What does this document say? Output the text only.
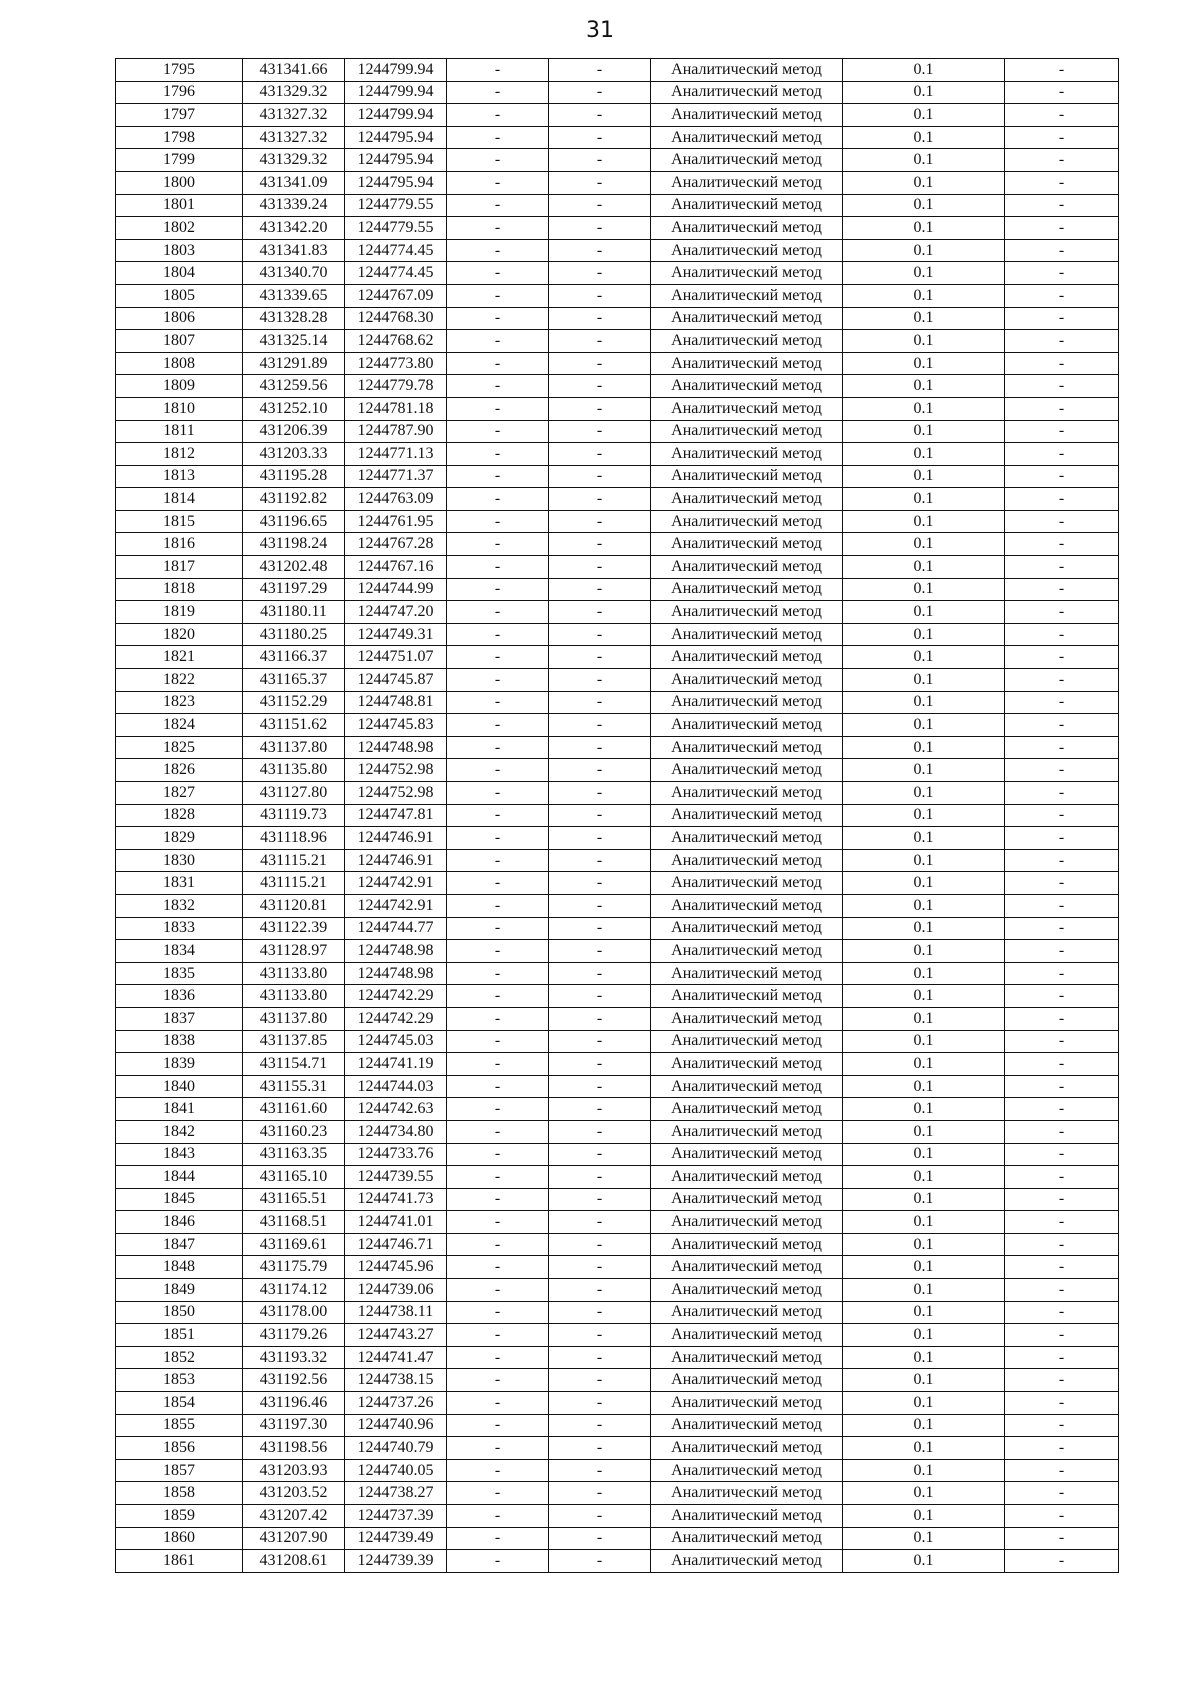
31
1795	431341.66	1244799.94	-	-	Аналитический метод	0.1	-
1796	431329.32	1244799.94	-	-	Аналитический метод	0.1	-
1797	431327.32	1244799.94	-	-	Аналитический метод	0.1	-
1798	431327.32	1244795.94	-	-	Аналитический метод	0.1	-
1799	431329.32	1244795.94	-	-	Аналитический метод	0.1	-
1800	431341.09	1244795.94	-	-	Аналитический метод	0.1	-
1801	431339.24	1244779.55	-	-	Аналитический метод	0.1	-
1802	431342.20	1244779.55	-	-	Аналитический метод	0.1	-
1803	431341.83	1244774.45	-	-	Аналитический метод	0.1	-
1804	431340.70	1244774.45	-	-	Аналитический метод	0.1	-
1805	431339.65	1244767.09	-	-	Аналитический метод	0.1	-
1806	431328.28	1244768.30	-	-	Аналитический метод	0.1	-
1807	431325.14	1244768.62	-	-	Аналитический метод	0.1	-
1808	431291.89	1244773.80	-	-	Аналитический метод	0.1	-
1809	431259.56	1244779.78	-	-	Аналитический метод	0.1	-
1810	431252.10	1244781.18	-	-	Аналитический метод	0.1	-
1811	431206.39	1244787.90	-	-	Аналитический метод	0.1	-
1812	431203.33	1244771.13	-	-	Аналитический метод	0.1	-
1813	431195.28	1244771.37	-	-	Аналитический метод	0.1	-
1814	431192.82	1244763.09	-	-	Аналитический метод	0.1	-
1815	431196.65	1244761.95	-	-	Аналитический метод	0.1	-
1816	431198.24	1244767.28	-	-	Аналитический метод	0.1	-
1817	431202.48	1244767.16	-	-	Аналитический метод	0.1	-
1818	431197.29	1244744.99	-	-	Аналитический метод	0.1	-
1819	431180.11	1244747.20	-	-	Аналитический метод	0.1	-
1820	431180.25	1244749.31	-	-	Аналитический метод	0.1	-
1821	431166.37	1244751.07	-	-	Аналитический метод	0.1	-
1822	431165.37	1244745.87	-	-	Аналитический метод	0.1	-
1823	431152.29	1244748.81	-	-	Аналитический метод	0.1	-
1824	431151.62	1244745.83	-	-	Аналитический метод	0.1	-
1825	431137.80	1244748.98	-	-	Аналитический метод	0.1	-
1826	431135.80	1244752.98	-	-	Аналитический метод	0.1	-
1827	431127.80	1244752.98	-	-	Аналитический метод	0.1	-
1828	431119.73	1244747.81	-	-	Аналитический метод	0.1	-
1829	431118.96	1244746.91	-	-	Аналитический метод	0.1	-
1830	431115.21	1244746.91	-	-	Аналитический метод	0.1	-
1831	431115.21	1244742.91	-	-	Аналитический метод	0.1	-
1832	431120.81	1244742.91	-	-	Аналитический метод	0.1	-
1833	431122.39	1244744.77	-	-	Аналитический метод	0.1	-
1834	431128.97	1244748.98	-	-	Аналитический метод	0.1	-
1835	431133.80	1244748.98	-	-	Аналитический метод	0.1	-
1836	431133.80	1244742.29	-	-	Аналитический метод	0.1	-
1837	431137.80	1244742.29	-	-	Аналитический метод	0.1	-
1838	431137.85	1244745.03	-	-	Аналитический метод	0.1	-
1839	431154.71	1244741.19	-	-	Аналитический метод	0.1	-
1840	431155.31	1244744.03	-	-	Аналитический метод	0.1	-
1841	431161.60	1244742.63	-	-	Аналитический метод	0.1	-
1842	431160.23	1244734.80	-	-	Аналитический метод	0.1	-
1843	431163.35	1244733.76	-	-	Аналитический метод	0.1	-
1844	431165.10	1244739.55	-	-	Аналитический метод	0.1	-
1845	431165.51	1244741.73	-	-	Аналитический метод	0.1	-
1846	431168.51	1244741.01	-	-	Аналитический метод	0.1	-
1847	431169.61	1244746.71	-	-	Аналитический метод	0.1	-
1848	431175.79	1244745.96	-	-	Аналитический метод	0.1	-
1849	431174.12	1244739.06	-	-	Аналитический метод	0.1	-
1850	431178.00	1244738.11	-	-	Аналитический метод	0.1	-
1851	431179.26	1244743.27	-	-	Аналитический метод	0.1	-
1852	431193.32	1244741.47	-	-	Аналитический метод	0.1	-
1853	431192.56	1244738.15	-	-	Аналитический метод	0.1	-
1854	431196.46	1244737.26	-	-	Аналитический метод	0.1	-
1855	431197.30	1244740.96	-	-	Аналитический метод	0.1	-
1856	431198.56	1244740.79	-	-	Аналитический метод	0.1	-
1857	431203.93	1244740.05	-	-	Аналитический метод	0.1	-
1858	431203.52	1244738.27	-	-	Аналитический метод	0.1	-
1859	431207.42	1244737.39	-	-	Аналитический метод	0.1	-
1860	431207.90	1244739.49	-	-	Аналитический метод	0.1	-
1861	431208.61	1244739.39	-	-	Аналитический метод	0.1	-
